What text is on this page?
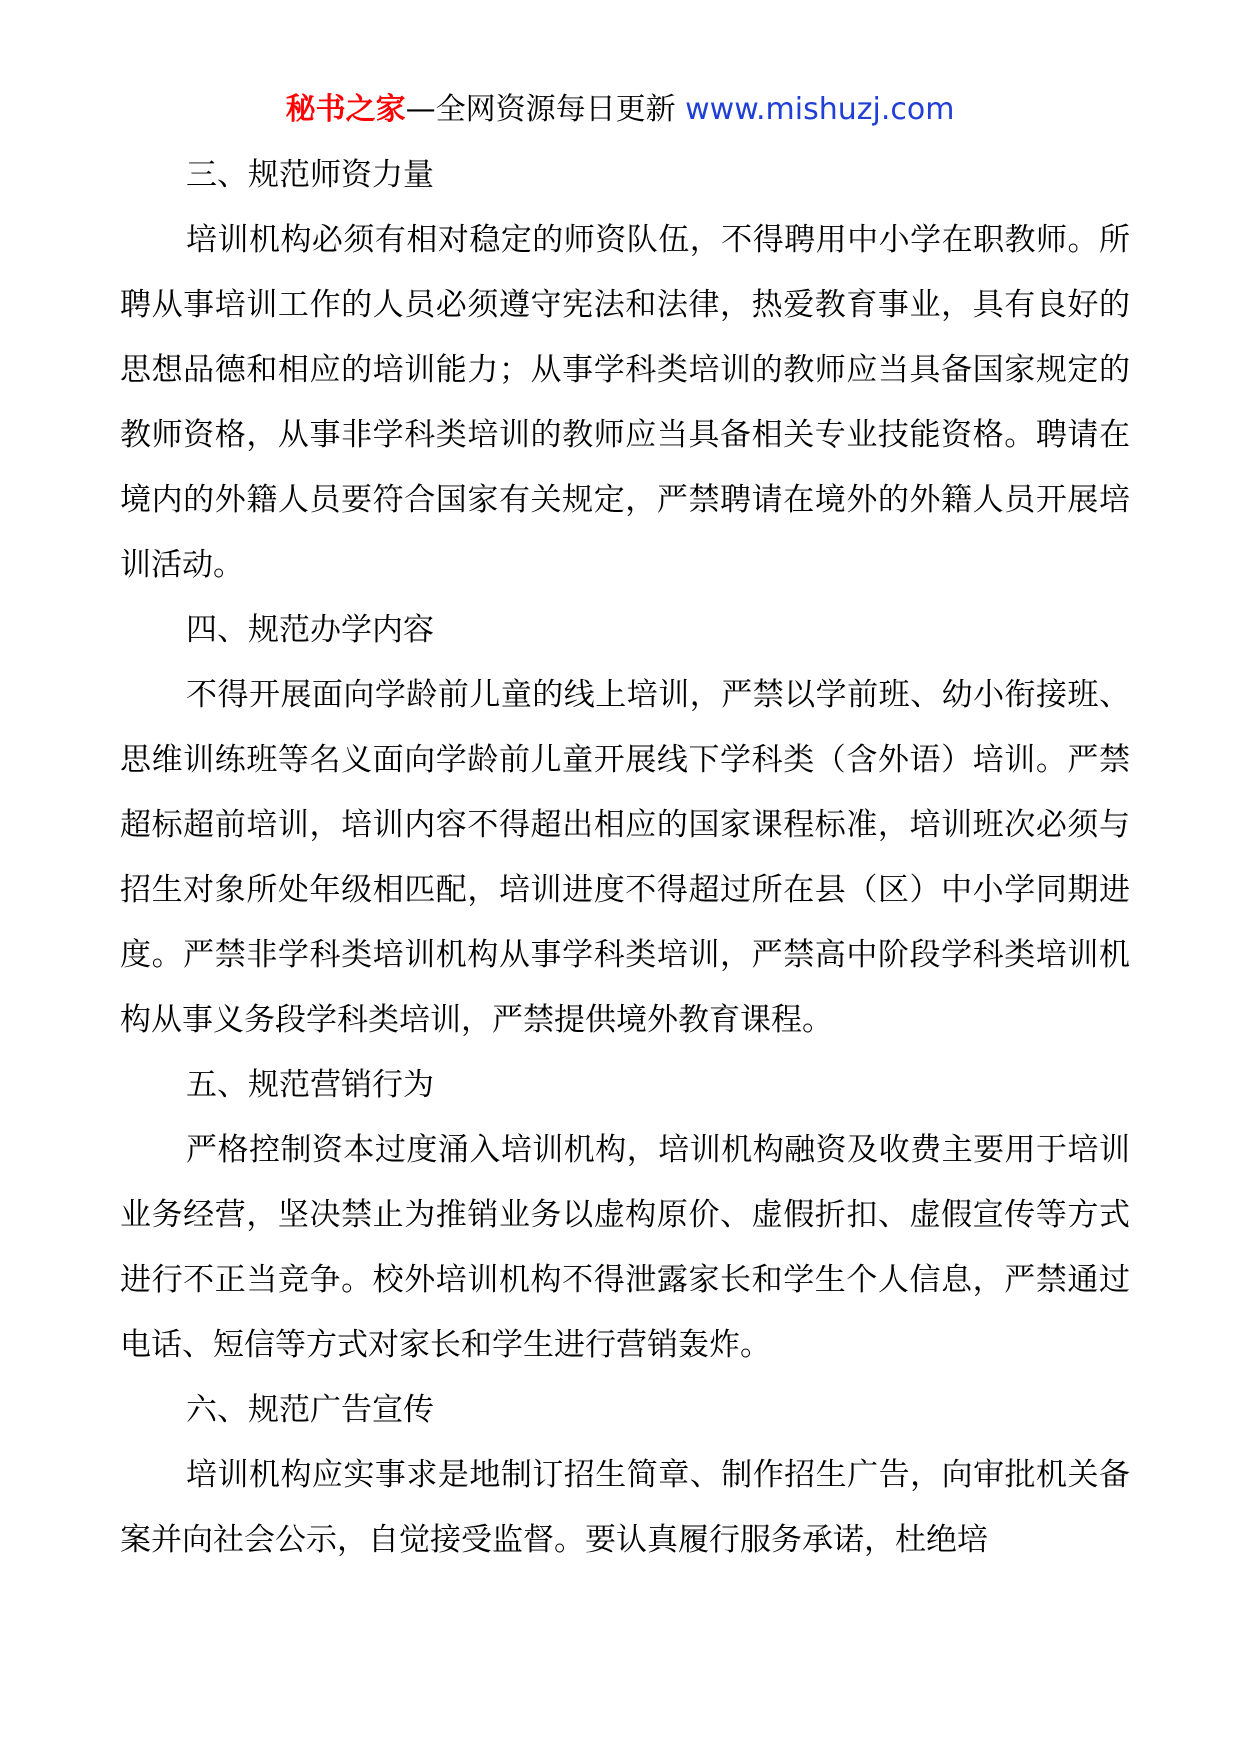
秘书之家—全网资源每日更新 www.mishuzj.com

三、规范师资力量

培训机构必须有相对稳定的师资队伍，不得聘用中小学在职教师。所聘从事培训工作的人员必须遵守宪法和法律，热爱教育事业，具有良好的思想品德和相应的培训能力；从事学科类培训的教师应当具备国家规定的教师资格，从事非学科类培训的教师应当具备相关专业技能资格。聘请在境内的外籍人员要符合国家有关规定，严禁聘请在境外的外籍人员开展培训活动。

四、规范办学内容

不得开展面向学龄前儿童的线上培训，严禁以学前班、幼小衔接班、思维训练班等名义面向学龄前儿童开展线下学科类（含外语）培训。严禁超标超前培训，培训内容不得超出相应的国家课程标准，培训班次必须与招生对象所处年级相匹配，培训进度不得超过所在县（区）中小学同期进度。严禁非学科类培训机构从事学科类培训，严禁高中阶段学科类培训机构从事义务段学科类培训，严禁提供境外教育课程。

五、规范营销行为

严格控制资本过度涌入培训机构，培训机构融资及收费主要用于培训业务经营，坚决禁止为推销业务以虚构原价、虚假折扣、虚假宣传等方式进行不正当竞争。校外培训机构不得泄露家长和学生个人信息，严禁通过电话、短信等方式对家长和学生进行营销轰炸。

六、规范广告宣传

培训机构应实事求是地制订招生简章、制作招生广告，向审批机关备案并向社会公示，自觉接受监督。要认真履行服务承诺，杜绝培
